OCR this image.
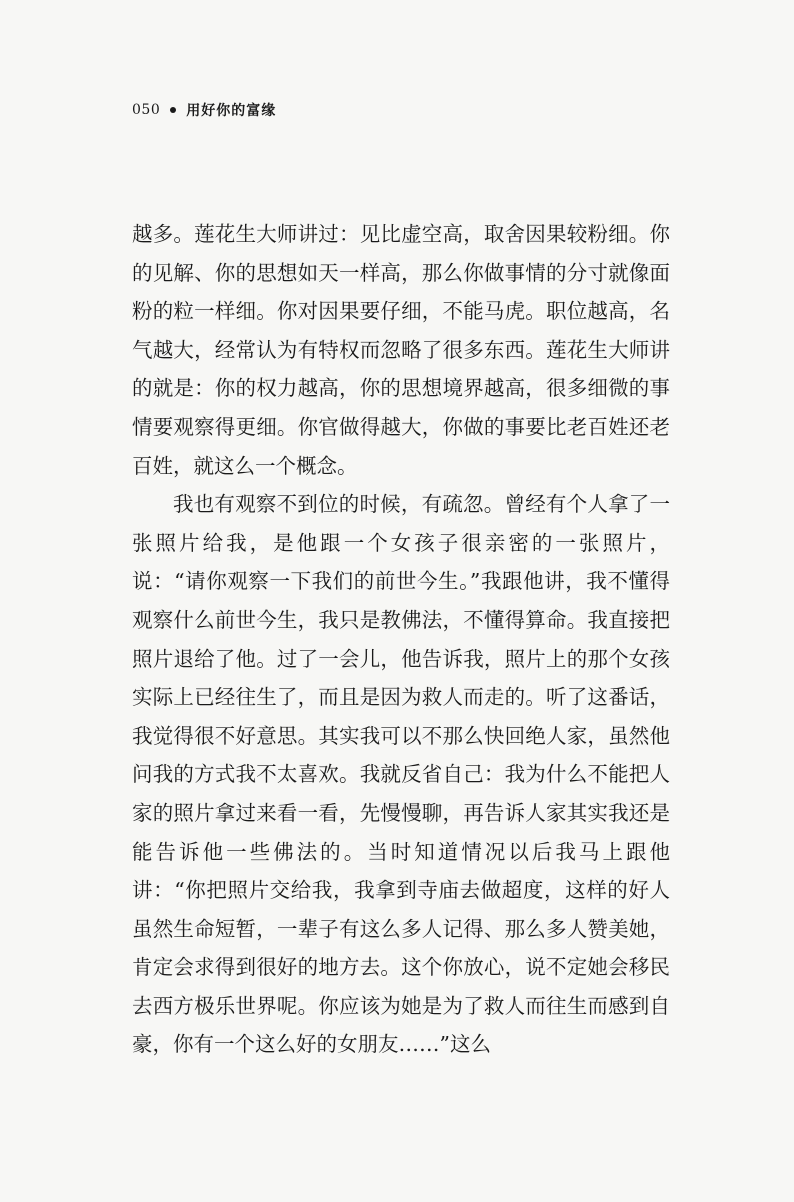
050 用好你的富缘

越多。莲花生大师讲过：见比虚空高，取舍因果较粉细。你的见解、你的思想如天一样高，那么你做事情的分寸就像面粉的粒一样细。你对因果要仔细，不能马虎。职位越高，名气越大，经常认为有特权而忽略了很多东西。莲花生大师讲的就是：你的权力越高，你的思想境界越高，很多细微的事情要观察得更细。你官做得越大，你做的事要比老百姓还老百姓，就这么一个概念。

我也有观察不到位的时候，有疏忽。曾经有个人拿了一张照片给我，是他跟一个女孩子很亲密的一张照片，说：“请你观察一下我们的前世今生。”我跟他讲，我不懂得观察什么前世今生，我只是教佛法，不懂得算命。我直接把照片退给了他。过了一会儿，他告诉我，照片上的那个女孩实际上已经往生了，而且是因为救人而走的。听了这番话，我觉得很不好意思。其实我可以不那么快回绝人家，虽然他问我的方式我不太喜欢。我就反省自己：我为什么不能把人家的照片拿过来看一看，先慢慢聊，再告诉人家其实我还是能告诉他一些佛法的。当时知道情况以后我马上跟他讲：“你把照片交给我，我拿到寺庙去做超度，这样的好人虽然生命短暂，一辈子有这么多人记得、那么多人赞美她，肯定会求得到很好的地方去。这个你放心，说不定她会移民去西方极乐世界呢。你应该为她是为了救人而往生而感到自豪，你有一个这么好的女朋友……”这么
